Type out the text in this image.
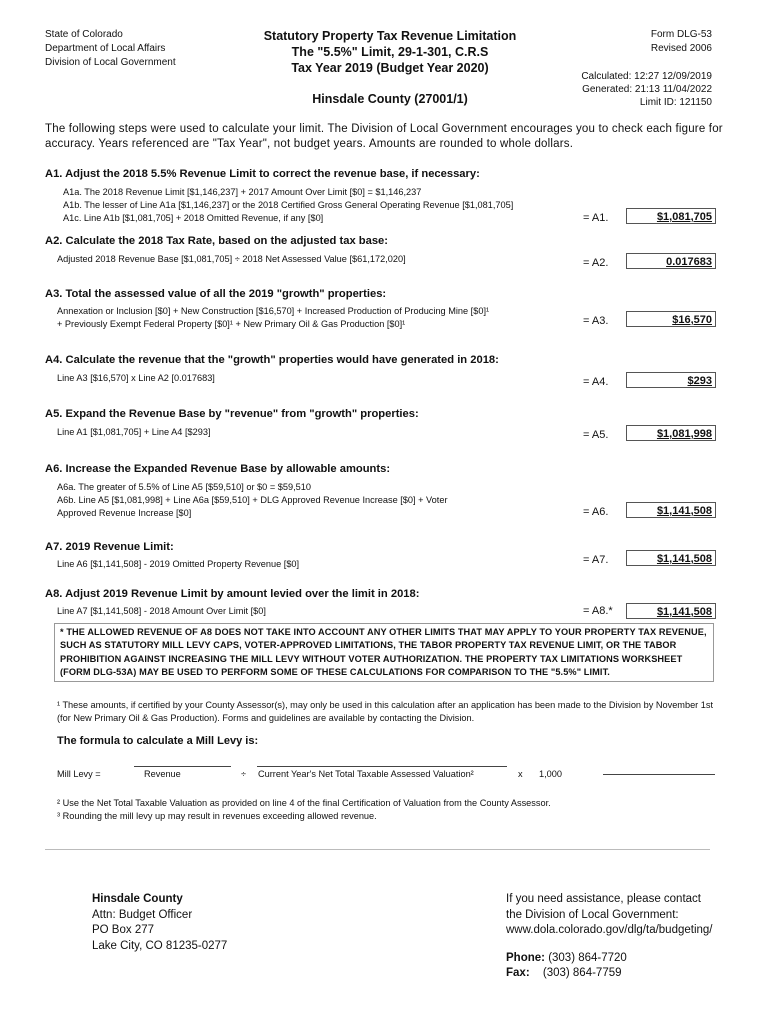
State of Colorado
Department of Local Affairs
Division of Local Government
Statutory Property Tax Revenue Limitation
The "5.5%" Limit, 29-1-301, C.R.S
Tax Year 2019 (Budget Year 2020)
Form DLG-53
Revised 2006
Calculated: 12:27 12/09/2019
Generated: 21:13 11/04/2022
Limit ID: 121150
Hinsdale County (27001/1)
The following steps were used to calculate your limit. The Division of Local Government encourages you to check each figure for accuracy. Years referenced are "Tax Year", not budget years. Amounts are rounded to whole dollars.
A1. Adjust the 2018 5.5% Revenue Limit to correct the revenue base, if necessary:
A1a. The 2018 Revenue Limit [$1,146,237] + 2017 Amount Over Limit [$0] = $1,146,237
A1b. The lesser of Line A1a [$1,146,237] or the 2018 Certified Gross General Operating Revenue [$1,081,705]
A1c. Line A1b [$1,081,705] + 2018 Omitted Revenue, if any [$0]	= A1.	$1,081,705
A2. Calculate the 2018 Tax Rate, based on the adjusted tax base:
Adjusted 2018 Revenue Base [$1,081,705] ÷ 2018 Net Assessed Value [$61,172,020]	= A2.	0.017683
A3. Total the assessed value of all the 2019 "growth" properties:
Annexation or Inclusion [$0] + New Construction [$16,570] + Increased Production of Producing Mine [$0]¹
+ Previously Exempt Federal Property [$0]¹ + New Primary Oil & Gas Production [$0]¹	= A3.	$16,570
A4. Calculate the revenue that the "growth" properties would have generated in 2018:
Line A3 [$16,570] x Line A2 [0.017683]	= A4.	$293
A5. Expand the Revenue Base by "revenue" from "growth" properties:
Line A1 [$1,081,705] + Line A4 [$293]	= A5.	$1,081,998
A6. Increase the Expanded Revenue Base by allowable amounts:
A6a. The greater of 5.5% of Line A5 [$59,510] or $0 = $59,510
A6b. Line A5 [$1,081,998] + Line A6a [$59,510] + DLG Approved Revenue Increase [$0] + Voter
Approved Revenue Increase [$0]	= A6.	$1,141,508
A7. 2019 Revenue Limit:
Line A6 [$1,141,508] - 2019 Omitted Property Revenue [$0]	= A7.	$1,141,508
A8. Adjust 2019 Revenue Limit by amount levied over the limit in 2018:
Line A7 [$1,141,508] - 2018 Amount Over Limit [$0]	= A8.*	$1,141,508
* THE ALLOWED REVENUE OF A8 DOES NOT TAKE INTO ACCOUNT ANY OTHER LIMITS THAT MAY APPLY TO YOUR PROPERTY TAX REVENUE, SUCH AS STATUTORY MILL LEVY CAPS, VOTER-APPROVED LIMITATIONS, THE TABOR PROPERTY TAX REVENUE LIMIT, OR THE TABOR PROHIBITION AGAINST INCREASING THE MILL LEVY WITHOUT VOTER AUTHORIZATION. THE PROPERTY TAX LIMITATIONS WORKSHEET (FORM DLG-53A) MAY BE USED TO PERFORM SOME OF THESE CALCULATIONS FOR COMPARISON TO THE "5.5%" LIMIT.
¹ These amounts, if certified by your County Assessor(s), may only be used in this calculation after an application has been made to the Division by November 1st (for New Primary Oil & Gas Production). Forms and guidelines are available by contacting the Division.
The formula to calculate a Mill Levy is:
Mill Levy =	Revenue	÷ Current Year's Net Total Taxable Assessed Valuation²	x 1,000
² Use the Net Total Taxable Valuation as provided on line 4 of the final Certification of Valuation from the County Assessor.
³ Rounding the mill levy up may result in revenues exceeding allowed revenue.
Hinsdale County
Attn: Budget Officer
PO Box 277
Lake City, CO 81235-0277
If you need assistance, please contact
the Division of Local Government:
www.dola.colorado.gov/dlg/ta/budgeting/
Phone: (303) 864-7720
Fax: (303) 864-7759
